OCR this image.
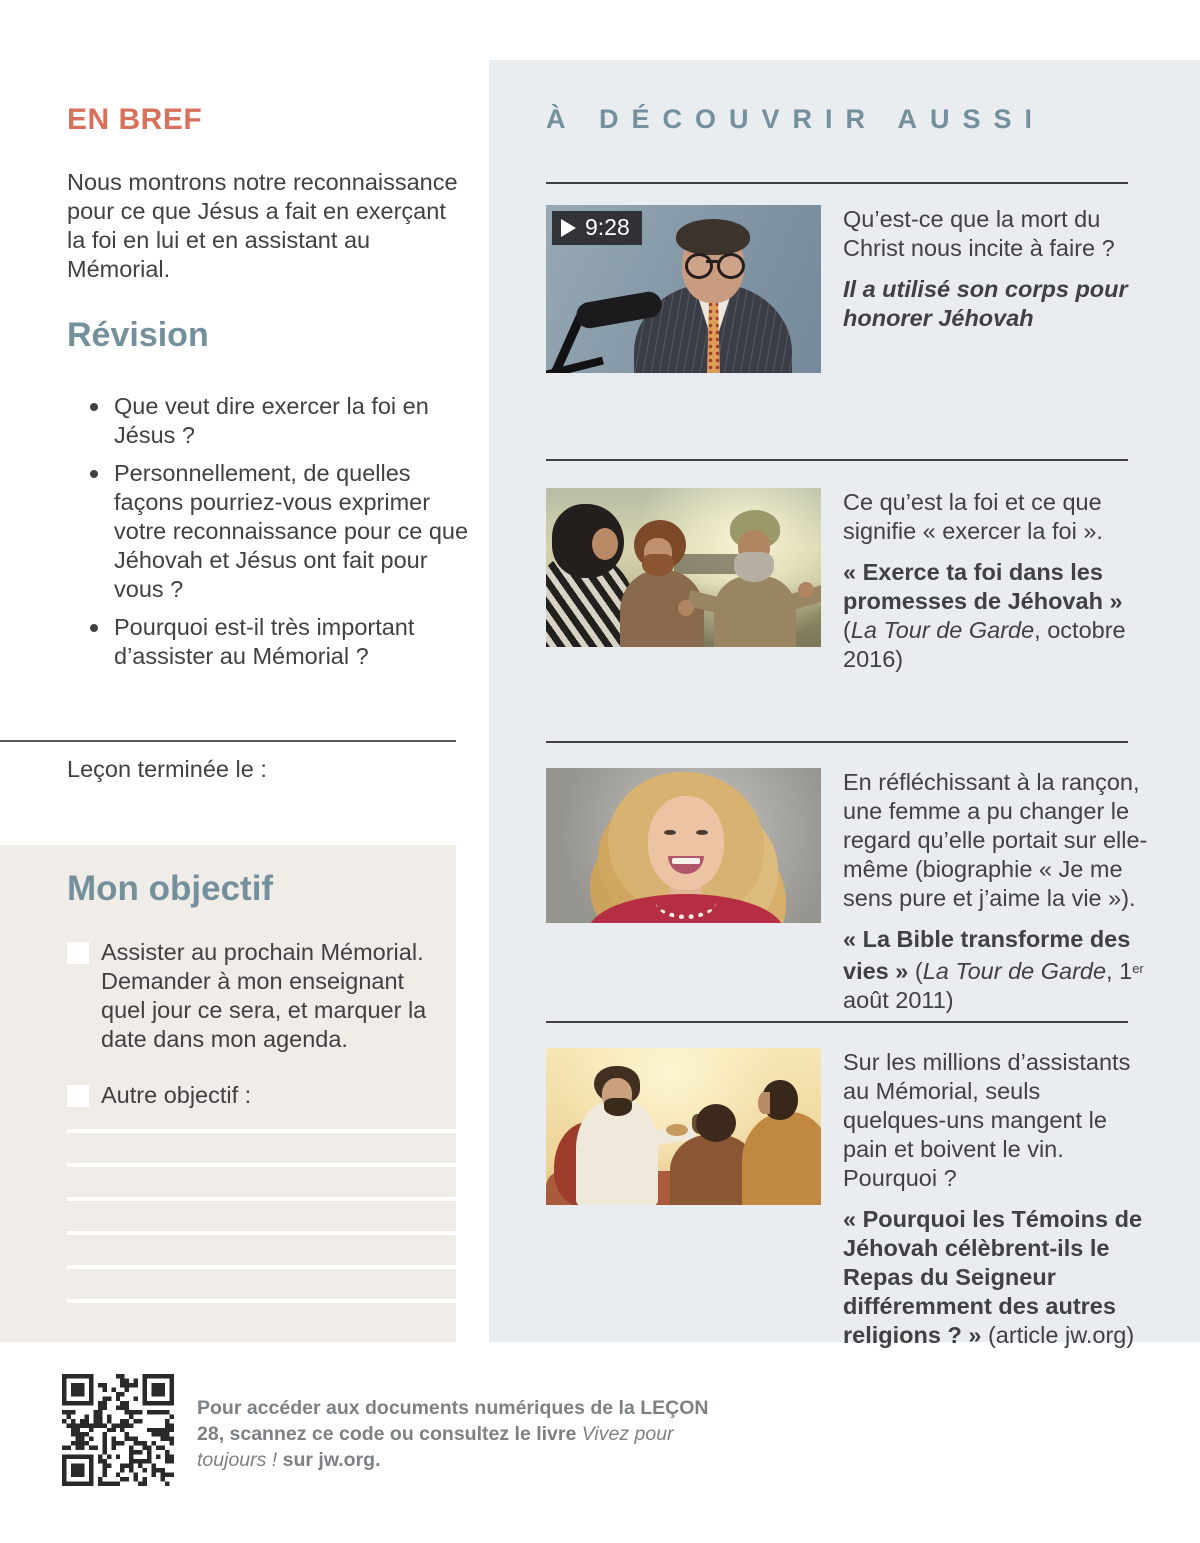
EN BREF
Nous montrons notre reconnaissance pour ce que Jésus a fait en exerçant la foi en lui et en assistant au Mémorial.
Révision
Que veut dire exercer la foi en Jésus ?
Personnellement, de quelles façons pourriez-vous exprimer votre reconnaissance pour ce que Jéhovah et Jésus ont fait pour vous ?
Pourquoi est-il très important d’assister au Mémorial ?
Leçon terminée le :
Mon objectif
Assister au prochain Mémorial. Demander à mon enseignant quel jour ce sera, et marquer la date dans mon agenda.
Autre objectif :
Pour accéder aux documents numériques de la LEÇON 28, scannez ce code ou consultez le livre Vivez pour toujours ! sur jw.org.
À DÉCOUVRIR AUSSI
9:28	Qu’est-ce que la mort du Christ nous incite à faire ?

Il a utilisé son corps pour honorer Jéhovah

Ce qu’est la foi et ce que signifie « exercer la foi ».

« Exerce ta foi dans les promesses de Jéhovah »
(La Tour de Garde, octobre 2016)

En réfléchissant à la rançon, une femme a pu changer le regard qu’elle portait sur elle-même (biographie « Je me sens pure et j’aime la vie »).

« La Bible transforme des vies » (La Tour de Garde, 1er août 2011)

Sur les millions d’assistants au Mémorial, seuls quelques-uns mangent le pain et boivent le vin. Pourquoi ?

« Pourquoi les Témoins de Jéhovah célèbrent-ils le Repas du Seigneur différemment des autres religions ? » (article jw.org)
